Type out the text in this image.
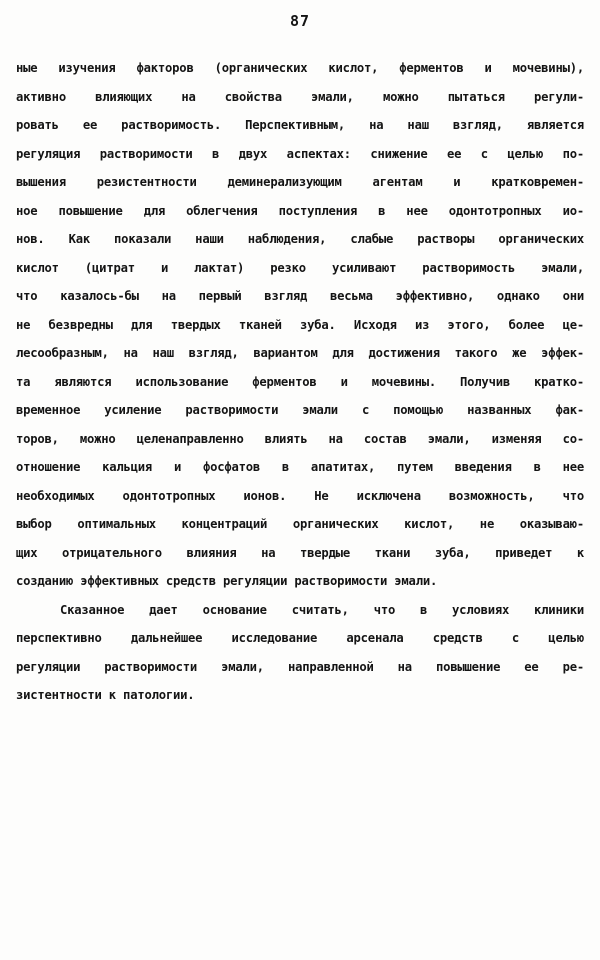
87
ные изучения факторов (органических кислот, ферментов и мочевины),
активно влияющих на свойства эмали, можно пытаться регули-
ровать ее растворимость. Перспективным, на наш взгляд, является
регуляция растворимости в двух аспектах: снижение ее с целью по-
вышения резистентности деминерализующим агентам и кратковремен-
ное повышение для облегчения поступления в нее одонтотропных ио-
нов. Как показали наши наблюдения, слабые растворы органических
кислот (цитрат и лактат) резко усиливают растворимость эмали,
что казалось-бы на первый взгляд весьма эффективно, однако они
не безвредны для твердых тканей зуба. Исходя из этого, более це-
лесообразным, на наш взгляд, вариантом для достижения такого же эффек-
та являются использование ферментов и мочевины. Получив кратко-
временное усиление растворимости эмали с помощью названных фак-
торов, можно целенаправленно влиять на состав эмали, изменяя со-
отношение кальция и фосфатов в апатитах, путем введения в нее
необходимых одонтотропных ионов. Не исключена возможность, что
выбор оптимальных концентраций органических кислот, не оказываю-
щих отрицательного влияния на твердые ткани зуба, приведет к
созданию эффективных средств регуляции растворимости эмали.
Сказанное дает основание считать, что в условиях клиники
перспективно дальнейшее исследование арсенала средств с целью
регуляции растворимости эмали, направленной на повышение ее ре-
зистентности к патологии.
